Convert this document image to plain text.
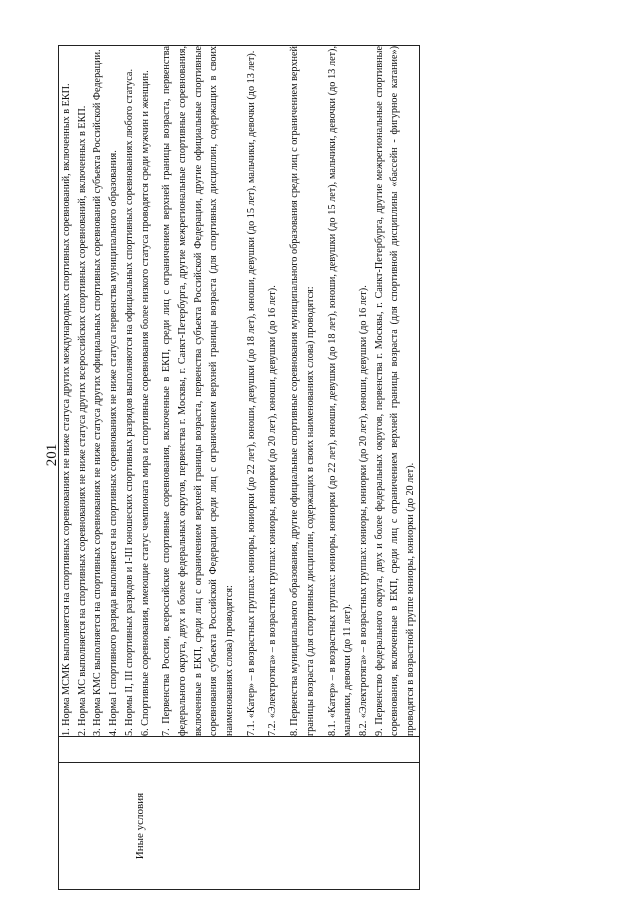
201
Иные условия

1. Норма МСМК выполняется на спортивных соревнованиях не ниже статуса других международных спортивных соревнований, включенных в ЕКП. 2. Норма МС выполняется на спортивных соревнованиях не ниже статуса других всероссийских спортивных соревнований, включенных в ЕКП. 3. Норма КМС выполняется на спортивных соревнованиях не ниже статуса других официальных спортивных соревнований субъекта Российской Федерации. 4. Норма I спортивного разряда выполняется на спортивных соревнованиях не ниже статуса первенства муниципального образования. 5. Нормы II, III спортивных разрядов и I-III юношеских спортивных разрядов выполняются на официальных спортивных соревнованиях любого статуса. 6. Спортивные соревнования, имеющие статус чемпионата мира и спортивные соревнования более низкого статуса проводятся среди мужчин и женщин. 7. Первенства России, всероссийские спортивные соревнования, включенные в ЕКП, среди лиц с ограничением верхней границы возраста, первенства федерального округа, двух и более федеральных округов, первенства г. Москвы, г. Санкт-Петербурга, другие межрегиональные спортивные соревнования, включенные в ЕКП, среди лиц с ограничением верхней границы возраста, первенства субъекта Российской Федерации, другие официальные спортивные соревнования субъекта Российской Федерации среди лиц с ограничением верхней границы возраста (для спортивных дисциплин, содержащих в своих наименованиях слова) проводятся: 7.1. «Катер» – в возрастных группах: юниоры, юниорки (до 22 лет), юноши, девушки (до 18 лет), юноши, девушки (до 15 лет), мальчики, девочки (до 13 лет). 7.2. «Электротяга» – в возрастных группах: юниоры, юниорки (до 20 лет), юноши, девушки (до 16 лет). 8. Первенства муниципального образования, другие официальные спортивные соревнования муниципального образования среди лиц с ограничением верхней границы возраста (для спортивных дисциплин, содержащих в своих наименованиях слова) проводятся: 8.1. «Катер» – в возрастных группах: юниоры, юниорки (до 22 лет), юноши, девушки (до 18 лет), юноши, девушки (до 15 лет), мальчики, девочки (до 13 лет), мальчики, девочки (до 11 лет). 8.2. «Электротяга» – в возрастных группах: юниоры, юниорки (до 20 лет), юноши, девушки (до 16 лет). 9. Первенство федерального округа, двух и более федеральных округов, первенства г. Москвы, г. Санкт-Петербурга, другие межрегиональные спортивные соревнования, включенные в ЕКП, среди лиц с ограничением верхней границы возраста (для спортивной дисциплины «бассейн - фигурное катание») проводятся в возрастной группе юниоры, юниорки (до 20 лет).
